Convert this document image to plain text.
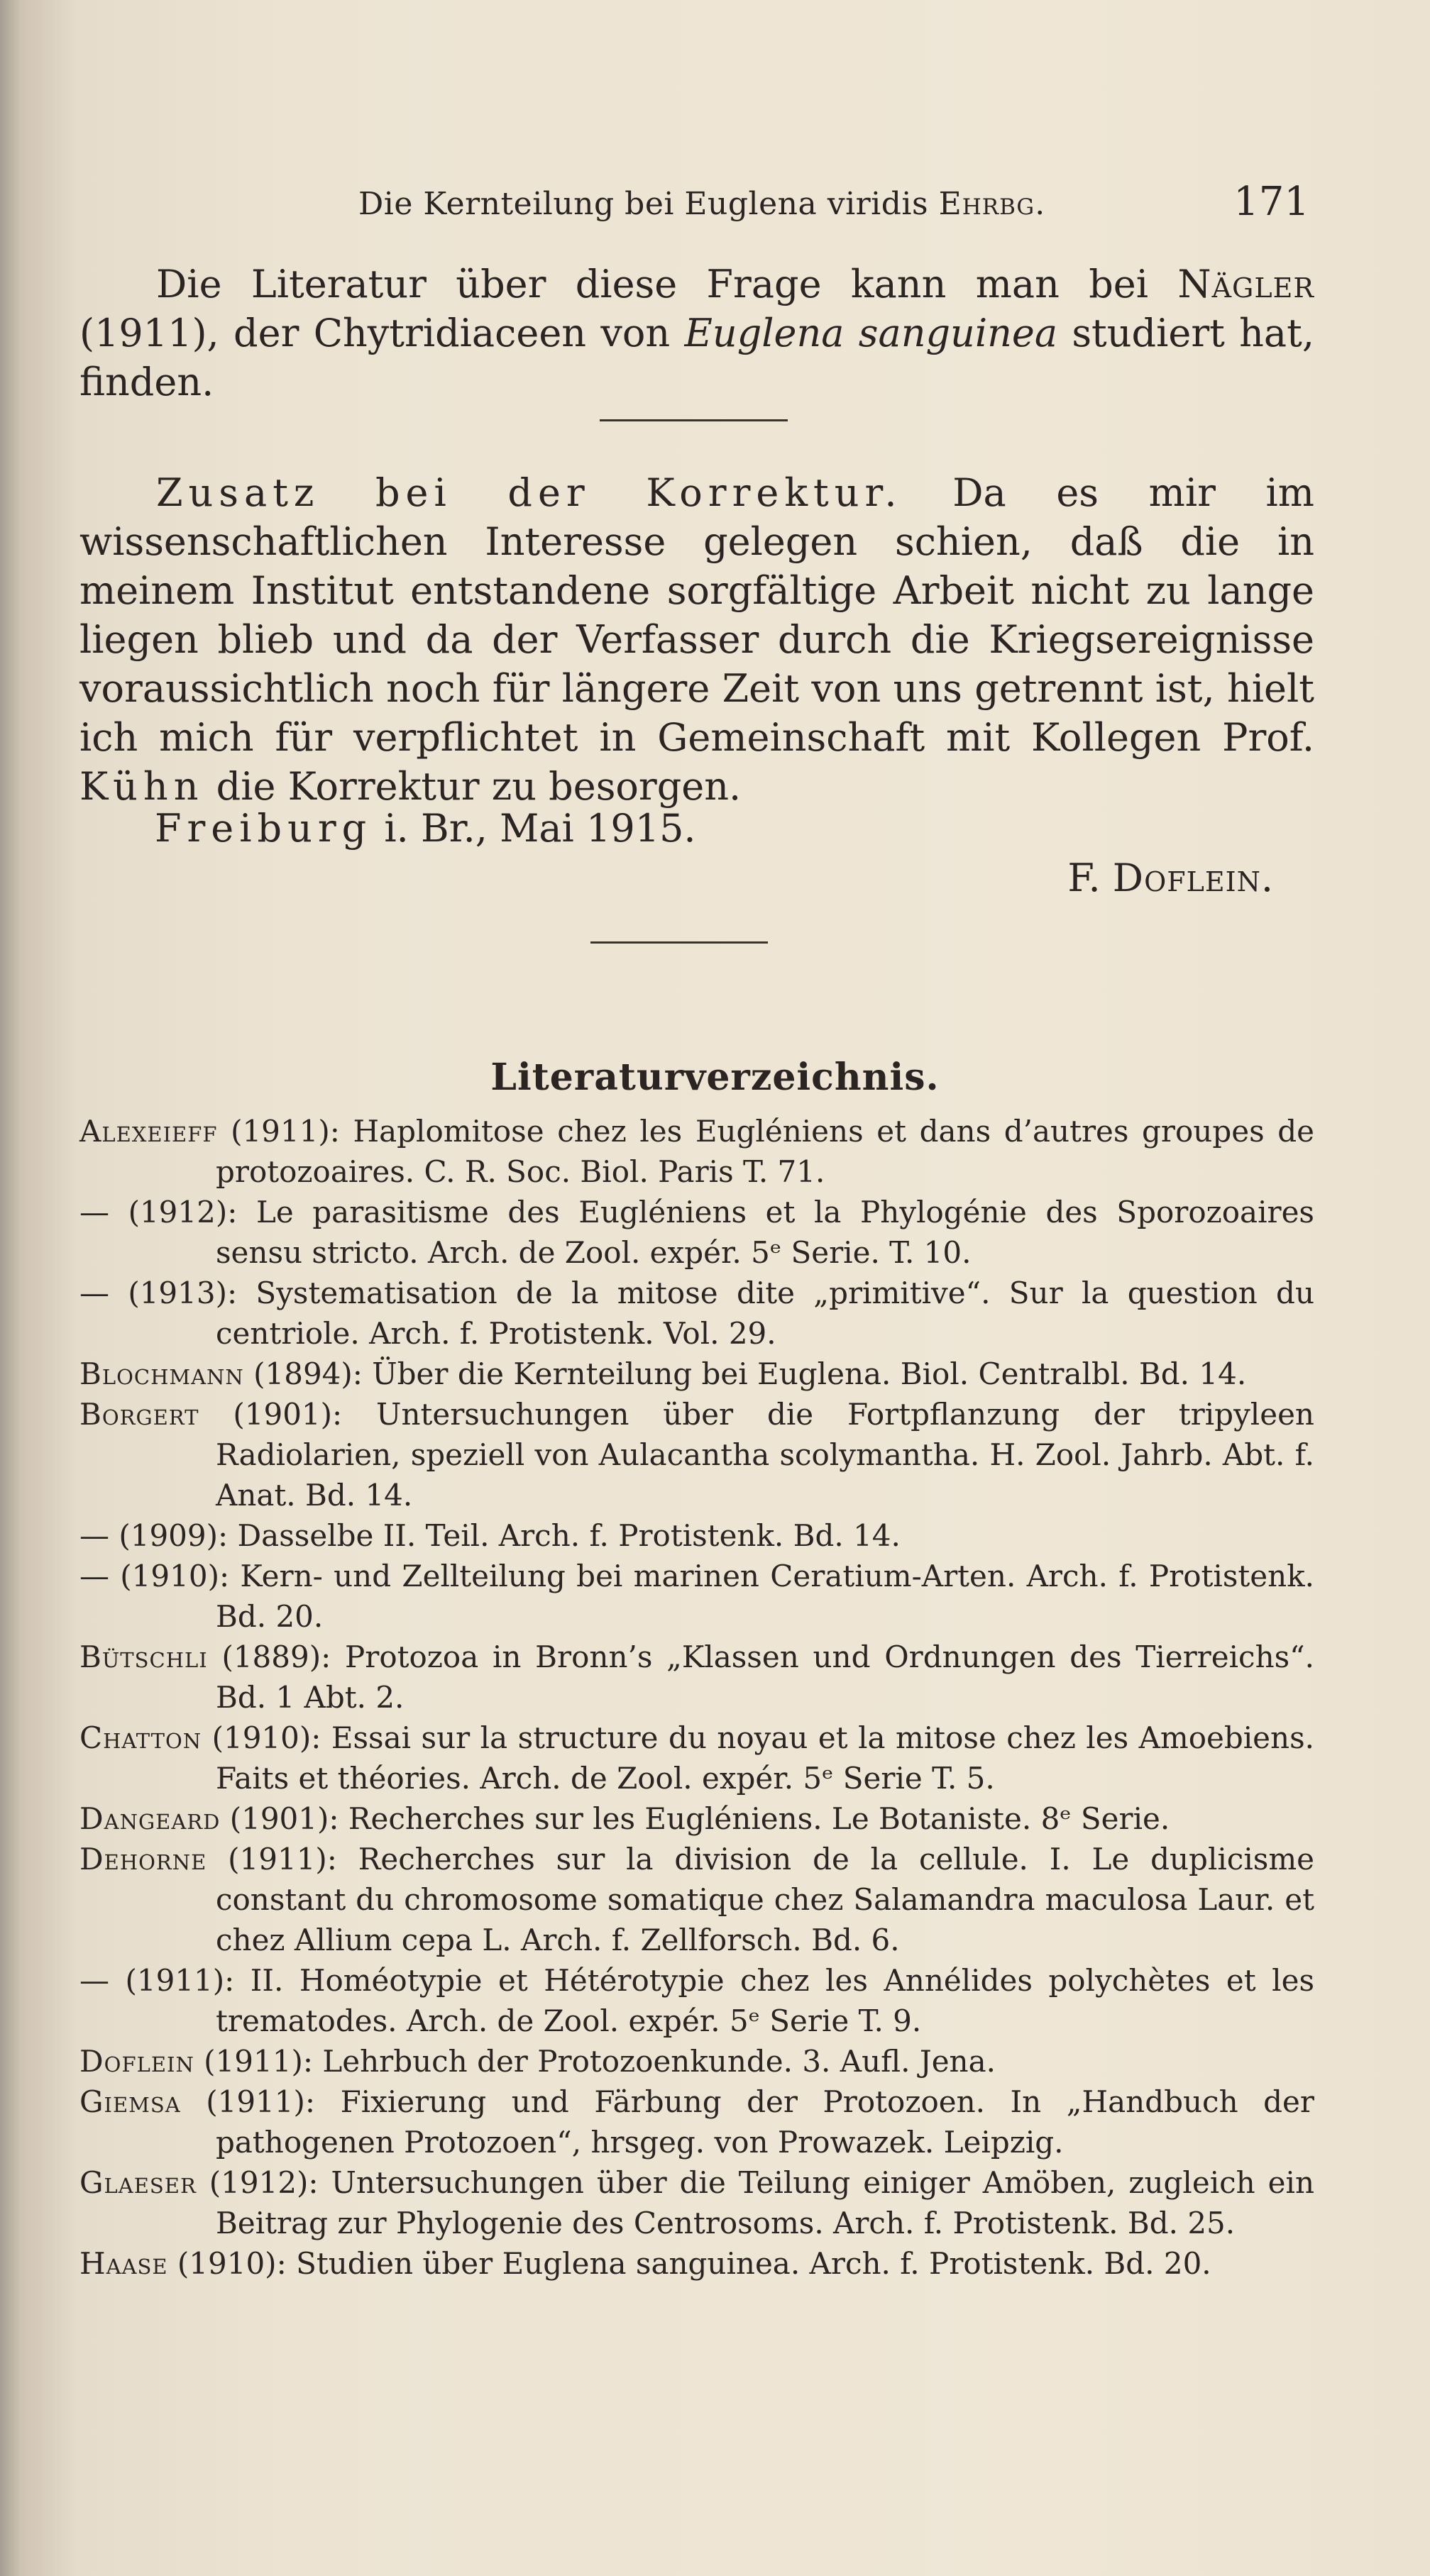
Die Kernteilung bei Euglena viridis Ehrbg.	171

Die Literatur über diese Frage kann man bei Nägler (1911), der Chytridiaceen von Euglena sanguinea studiert hat, finden.

Zusatz bei der Korrektur. Da es mir im wissenschaftlichen Interesse gelegen schien, daß die in meinem Institut entstandene sorgfältige Arbeit nicht zu lange liegen blieb und da der Verfasser durch die Kriegsereignisse voraussichtlich noch für längere Zeit von uns getrennt ist, hielt ich mich für verpflichtet in Gemeinschaft mit Kollegen Prof. Kühn die Korrektur zu besorgen.

Freiburg i. Br., Mai 1915.
F. Doflein.
Literaturverzeichnis.
Alexeieff (1911): Haplomitose chez les Eugléniens et dans d’autres groupes de protozoaires. C. R. Soc. Biol. Paris T. 71.
— (1912): Le parasitisme des Eugléniens et la Phylogénie des Sporozoaires sensu stricto. Arch. de Zool. expér. 5ᵉ Serie. T. 10.
— (1913): Systematisation de la mitose dite „primitive“. Sur la question du centriole. Arch. f. Protistenk. Vol. 29.
Blochmann (1894): Über die Kernteilung bei Euglena. Biol. Centralbl. Bd. 14.
Borgert (1901): Untersuchungen über die Fortpflanzung der tripyleen Radiolarien, speziell von Aulacantha scolymantha. H. Zool. Jahrb. Abt. f. Anat. Bd. 14.
— (1909): Dasselbe II. Teil. Arch. f. Protistenk. Bd. 14.
— (1910): Kern- und Zellteilung bei marinen Ceratium-Arten. Arch. f. Protistenk. Bd. 20.
Bütschli (1889): Protozoa in Bronn’s „Klassen und Ordnungen des Tierreichs“. Bd. 1 Abt. 2.
Chatton (1910): Essai sur la structure du noyau et la mitose chez les Amoebiens. Faits et théories. Arch. de Zool. expér. 5ᵉ Serie T. 5.
Dangeard (1901): Recherches sur les Eugléniens. Le Botaniste. 8ᵉ Serie.
Dehorne (1911): Recherches sur la division de la cellule. I. Le duplicisme constant du chromosome somatique chez Salamandra maculosa Laur. et chez Allium cepa L. Arch. f. Zellforsch. Bd. 6.
— (1911): II. Homéotypie et Hétérotypie chez les Annélides polychètes et les trematodes. Arch. de Zool. expér. 5ᵉ Serie T. 9.
Doflein (1911): Lehrbuch der Protozoenkunde. 3. Aufl. Jena.
Giemsa (1911): Fixierung und Färbung der Protozoen. In „Handbuch der pathogenen Protozoen“, hrsgeg. von Prowazek. Leipzig.
Glaeser (1912): Untersuchungen über die Teilung einiger Amöben, zugleich ein Beitrag zur Phylogenie des Centrosoms. Arch. f. Protistenk. Bd. 25.
Haase (1910): Studien über Euglena sanguinea. Arch. f. Protistenk. Bd. 20.
